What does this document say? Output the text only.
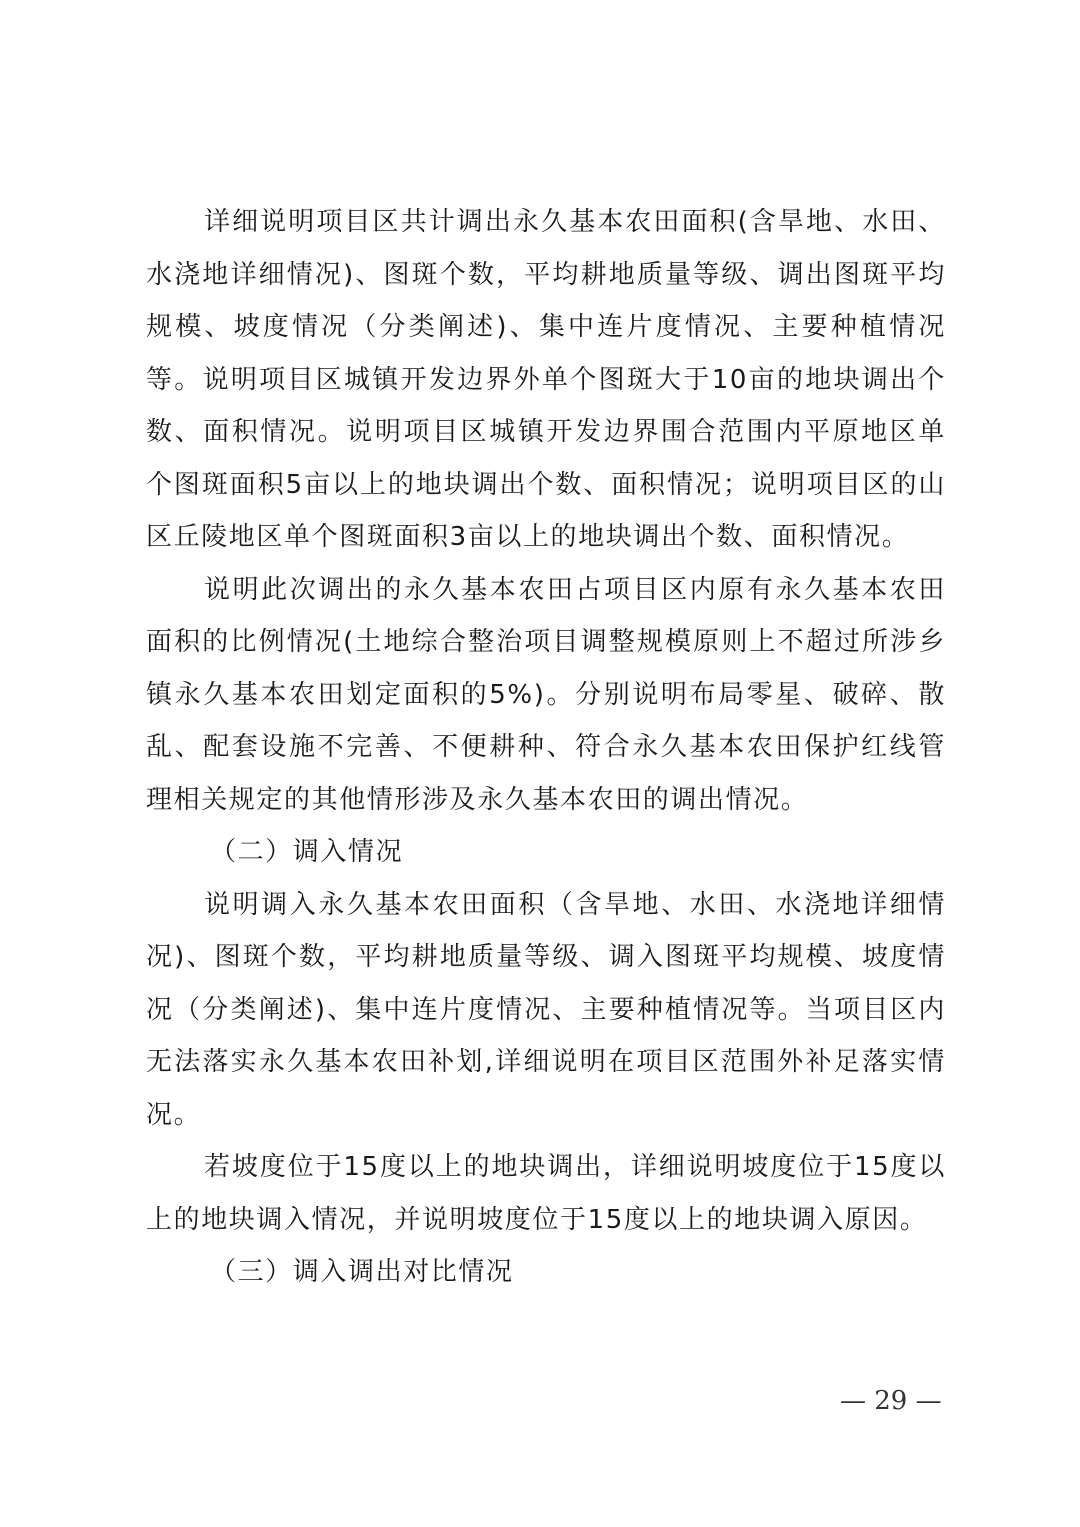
详细说明项目区共计调出永久基本农田面积(含旱地、水田、水浇地详细情况)、图斑个数，平均耕地质量等级、调出图斑平均规模、坡度情况（分类阐述)、集中连片度情况、主要种植情况等。说明项目区城镇开发边界外单个图斑大于10亩的地块调出个数、面积情况。说明项目区城镇开发边界围合范围内平原地区单个图斑面积5亩以上的地块调出个数、面积情况；说明项目区的山区丘陵地区单个图斑面积3亩以上的地块调出个数、面积情况。

说明此次调出的永久基本农田占项目区内原有永久基本农田面积的比例情况(土地综合整治项目调整规模原则上不超过所涉乡镇永久基本农田划定面积的5%)。分别说明布局零星、破碎、散乱、配套设施不完善、不便耕种、符合永久基本农田保护红线管理相关规定的其他情形涉及永久基本农田的调出情况。

（二）调入情况

说明调入永久基本农田面积（含旱地、水田、水浇地详细情况)、图斑个数，平均耕地质量等级、调入图斑平均规模、坡度情况（分类阐述)、集中连片度情况、主要种植情况等。当项目区内无法落实永久基本农田补划,详细说明在项目区范围外补足落实情况。

若坡度位于15度以上的地块调出，详细说明坡度位于15度以上的地块调入情况，并说明坡度位于15度以上的地块调入原因。

（三）调入调出对比情况

— 29 —
